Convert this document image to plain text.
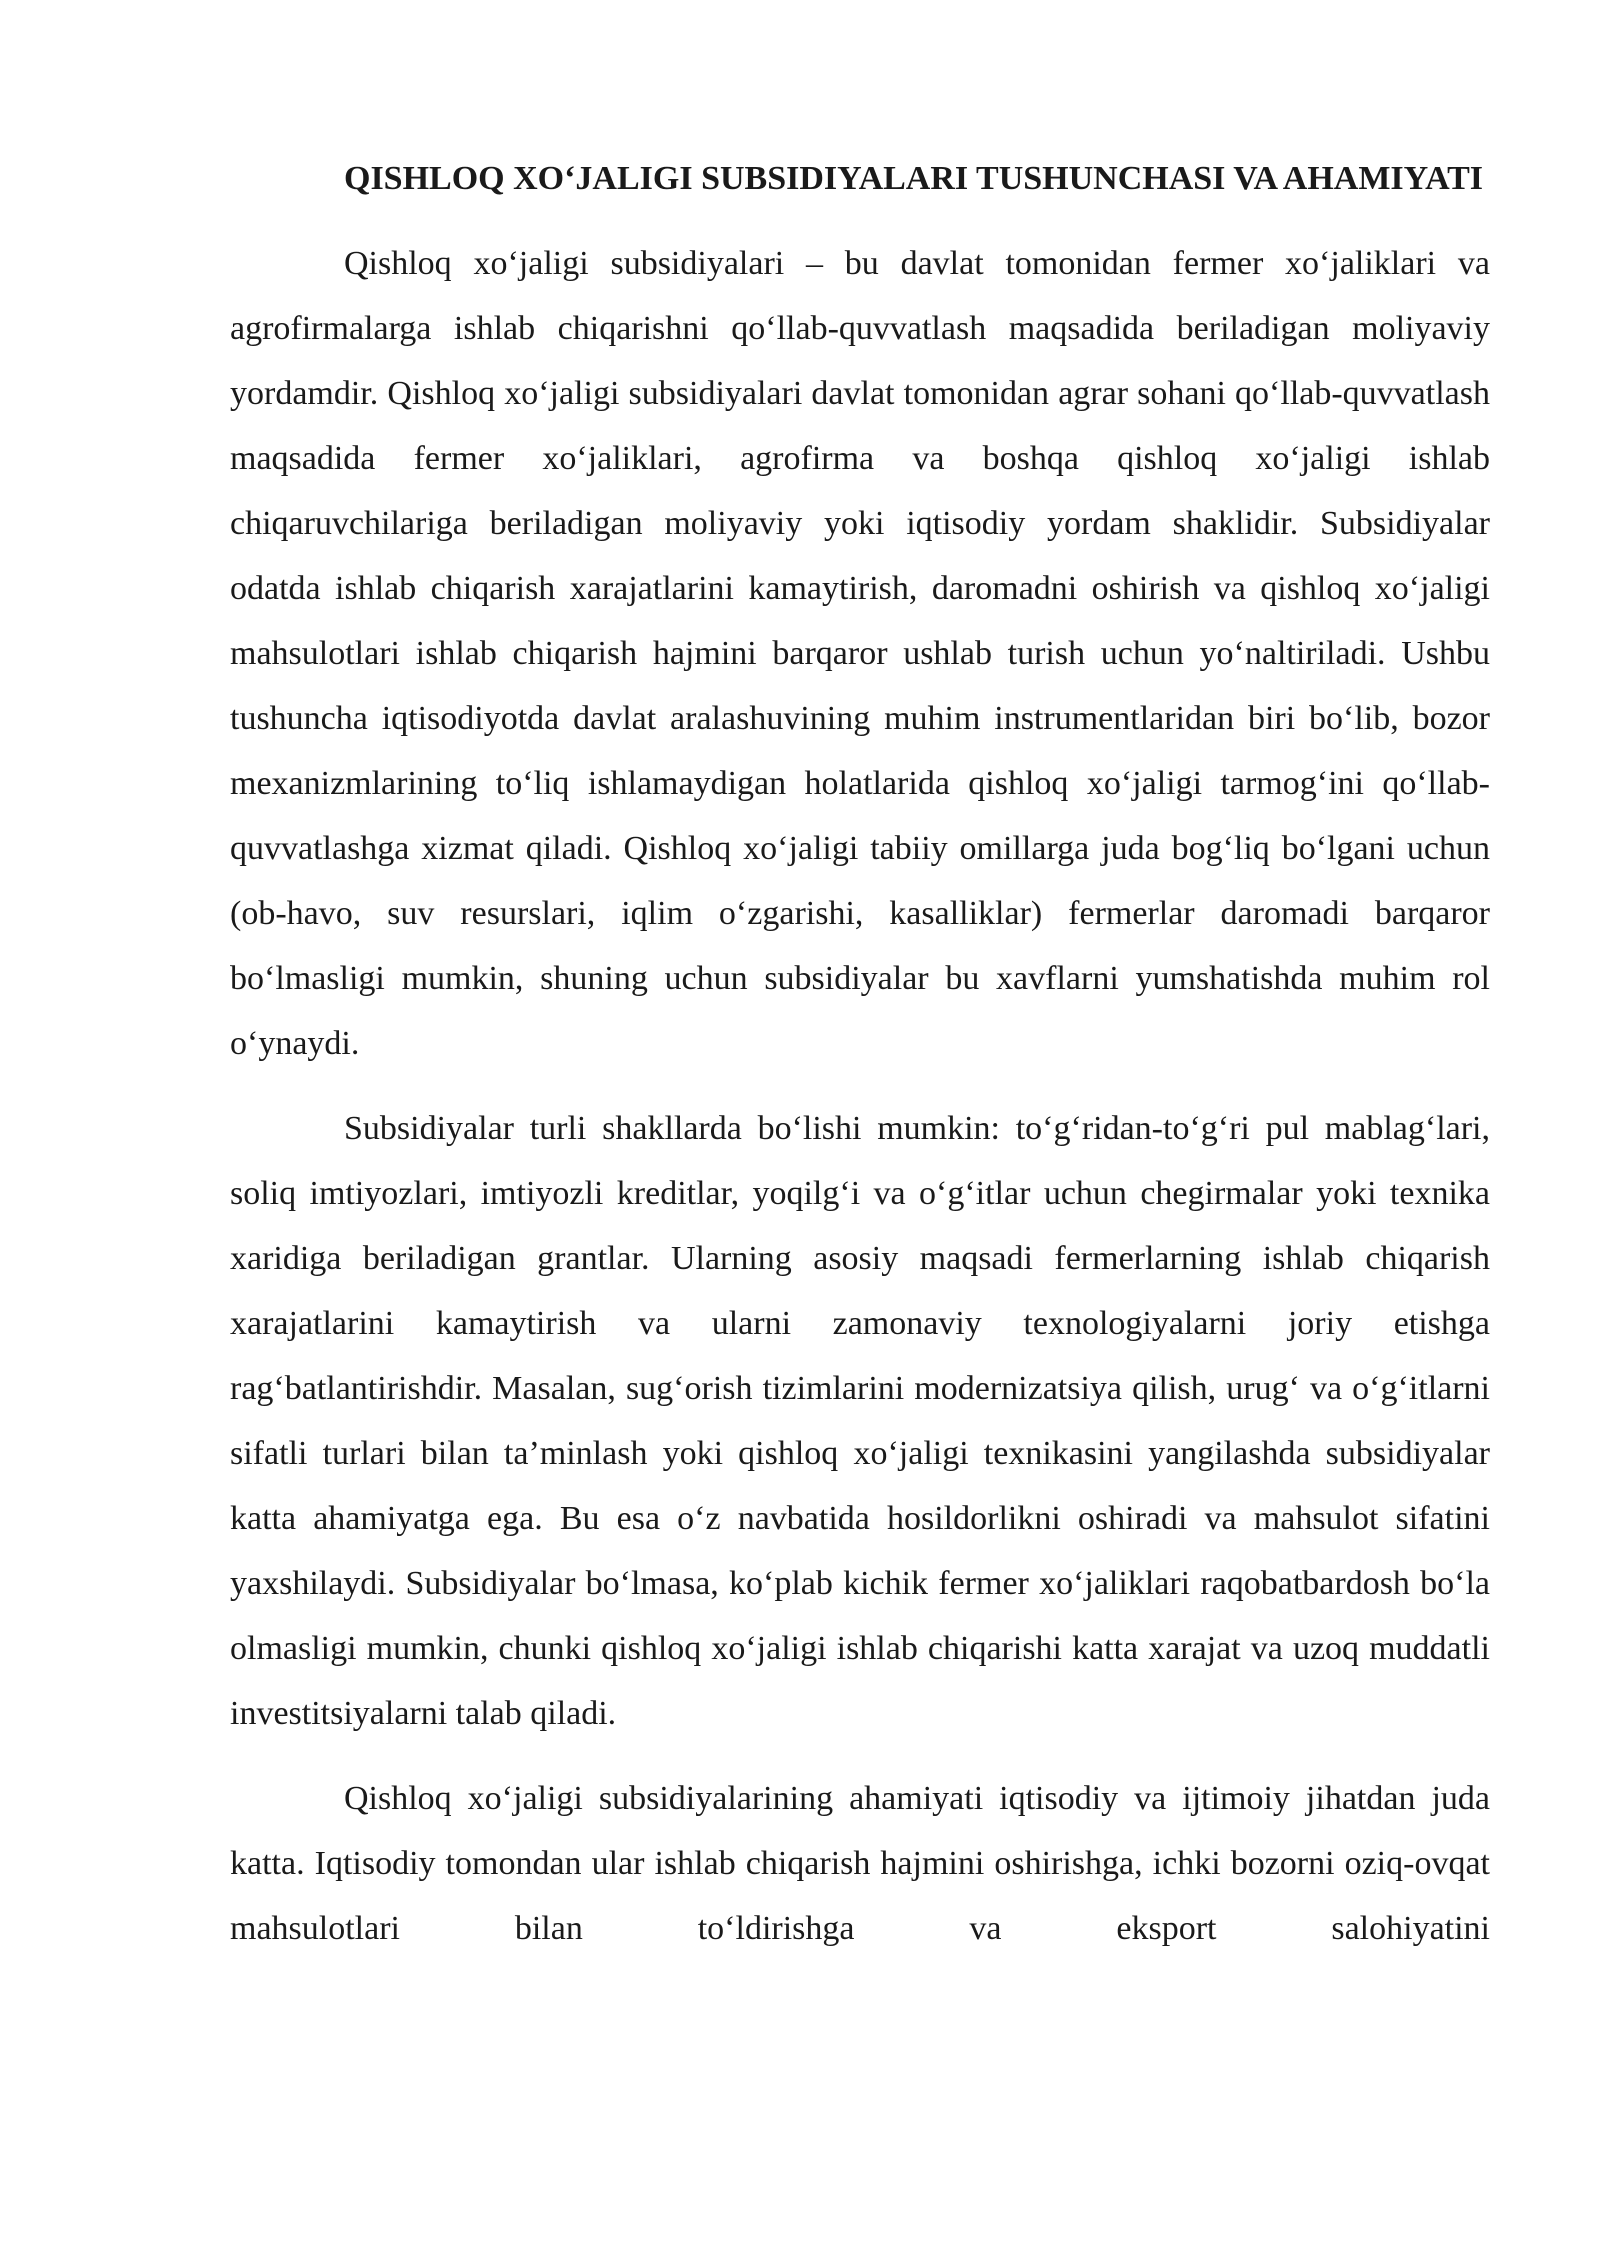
QISHLOQ XO‘JALIGI SUBSIDIYALARI TUSHUNCHASI VA AHAMIYATI

Qishloq xo‘jaligi subsidiyalari – bu davlat tomonidan fermer xo‘jaliklari va agrofirmalarga ishlab chiqarishni qo‘llab-quvvatlash maqsadida beriladigan moliyaviy yordamdir. Qishloq xo‘jaligi subsidiyalari davlat tomonidan agrar sohani qo‘llab-quvvatlash maqsadida fermer xo‘jaliklari, agrofirma va boshqa qishloq xo‘jaligi ishlab chiqaruvchilariga beriladigan moliyaviy yoki iqtisodiy yordam shaklidir. Subsidiyalar odatda ishlab chiqarish xarajatlarini kamaytirish, daromadni oshirish va qishloq xo‘jaligi mahsulotlari ishlab chiqarish hajmini barqaror ushlab turish uchun yo‘naltiriladi. Ushbu tushuncha iqtisodiyotda davlat aralashuvining muhim instrumentlaridan biri bo‘lib, bozor mexanizmlarining to‘liq ishlamaydigan holatlarida qishloq xo‘jaligi tarmog‘ini qo‘llab-quvvatlashga xizmat qiladi. Qishloq xo‘jaligi tabiiy omillarga juda bog‘liq bo‘lgani uchun (ob-havo, suv resurslari, iqlim o‘zgarishi, kasalliklar) fermerlar daromadi barqaror bo‘lmasligi mumkin, shuning uchun subsidiyalar bu xavflarni yumshatishda muhim rol o‘ynaydi.

Subsidiyalar turli shakllarda bo‘lishi mumkin: to‘g‘ridan-to‘g‘ri pul mablag‘lari, soliq imtiyozlari, imtiyozli kreditlar, yoqilg‘i va o‘g‘itlar uchun chegirmalar yoki texnika xaridiga beriladigan grantlar. Ularning asosiy maqsadi fermerlarning ishlab chiqarish xarajatlarini kamaytirish va ularni zamonaviy texnologiyalarni joriy etishga rag‘batlantirishdir. Masalan, sug‘orish tizimlarini modernizatsiya qilish, urug‘ va o‘g‘itlarni sifatli turlari bilan ta’minlash yoki qishloq xo‘jaligi texnikasini yangilashda subsidiyalar katta ahamiyatga ega. Bu esa o‘z navbatida hosildorlikni oshiradi va mahsulot sifatini yaxshilaydi. Subsidiyalar bo‘lmasa, ko‘plab kichik fermer xo‘jaliklari raqobatbardosh bo‘la olmasligi mumkin, chunki qishloq xo‘jaligi ishlab chiqarishi katta xarajat va uzoq muddatli investitsiyalarni talab qiladi.

Qishloq xo‘jaligi subsidiyalarining ahamiyati iqtisodiy va ijtimoiy jihatdan juda katta. Iqtisodiy tomondan ular ishlab chiqarish hajmini oshirishga, ichki bozorni oziq-ovqat mahsulotlari bilan to‘ldirishga va eksport salohiyatini
